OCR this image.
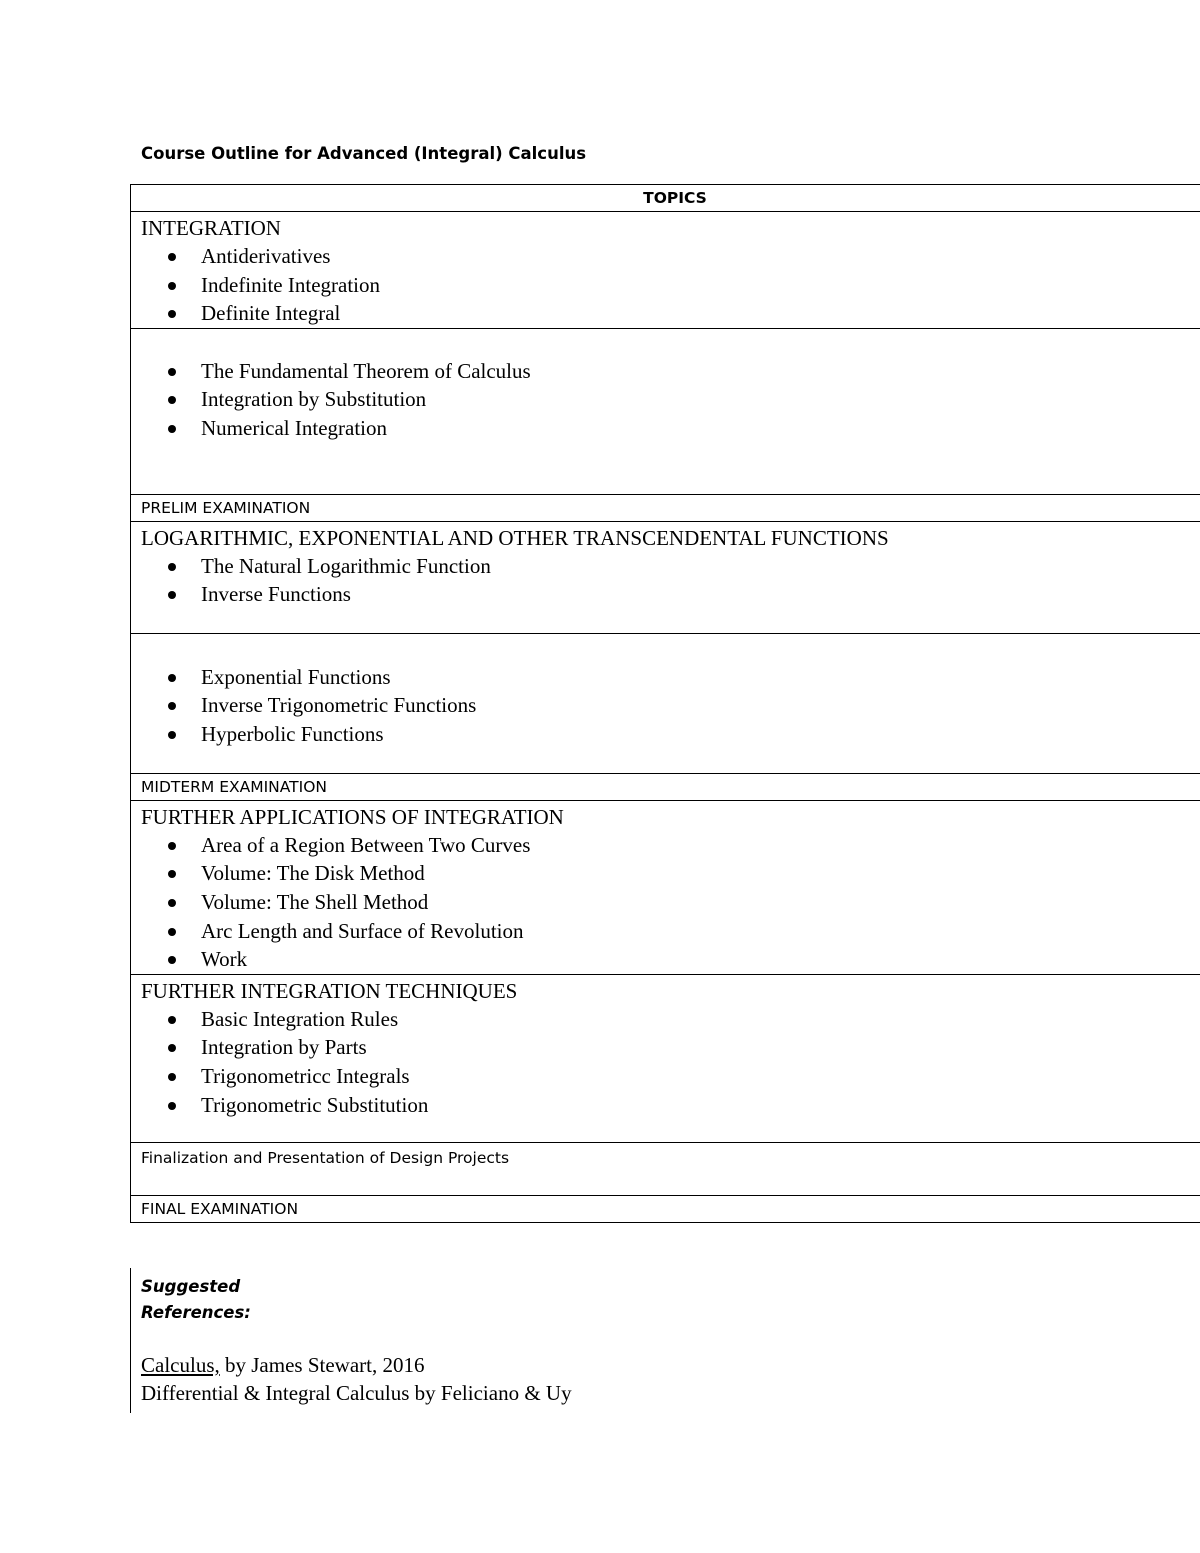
Course Outline for Advanced (Integral) Calculus
TOPICS

INTEGRATION
Antiderivatives
Indefinite Integration
Definite Integral

The Fundamental Theorem of Calculus
Integration by Substitution
Numerical Integration

PRELIM EXAMINATION

LOGARITHMIC, EXPONENTIAL AND OTHER TRANSCENDENTAL FUNCTIONS
The Natural Logarithmic Function
Inverse Functions

Exponential Functions
Inverse Trigonometric Functions
Hyperbolic Functions

MIDTERM EXAMINATION

FURTHER APPLICATIONS OF INTEGRATION
Area of a Region Between Two Curves
Volume: The Disk Method
Volume: The Shell Method
Arc Length and Surface of Revolution
Work

FURTHER INTEGRATION TECHNIQUES
Basic Integration Rules
Integration by Parts
Trigonometricc Integrals
Trigonometric Substitution

Finalization and Presentation of Design Projects

FINAL EXAMINATION
Suggested References:
Calculus, by James Stewart, 2016
Differential & Integral Calculus by Feliciano & Uy
